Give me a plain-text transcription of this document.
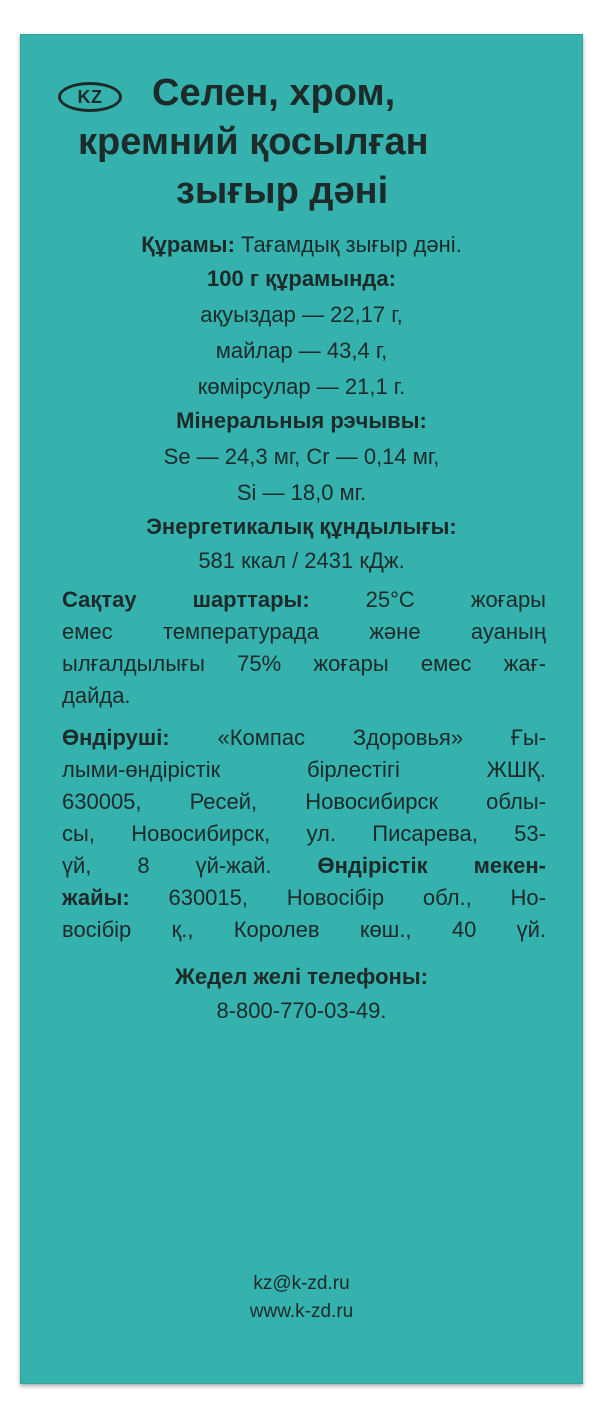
KZ	Селен, хром,
кремний қосылған
зығыр дәні
Құрамы: Тағамдық зығыр дәні.
100 г құрамында:
ақуыздар — 22,17 г,
майлар — 43,4 г,
көмірсулар — 21,1 г.
Мінеральныя рэчывы:
Se — 24,3 мг, Cr — 0,14 мг,
Si — 18,0 мг.
Энергетикалық құндылығы:
581 ккал / 2431 кДж.
Сақтау	шарттары:	25°С	жоғары
емес температурада және ауаның
ылғалдылығы 75% жоғары емес жағ-
дайда.
Өндіруші: «Компас Здоровья» Ғы-
лыми-өндірістік	бірлестігі	ЖШҚ.
630005, Ресей, Новосибирск облы-
сы, Новосибирск, ул. Писарева, 53-
үй, 8 үй-жай. Өндірістік мекен-
жайы: 630015, Новосібір обл., Но-
восібір қ., Королев көш., 40 үй.
Жедел желі телефоны:
8-800-770-03-49.
kz@k-zd.ru
www.k-zd.ru
